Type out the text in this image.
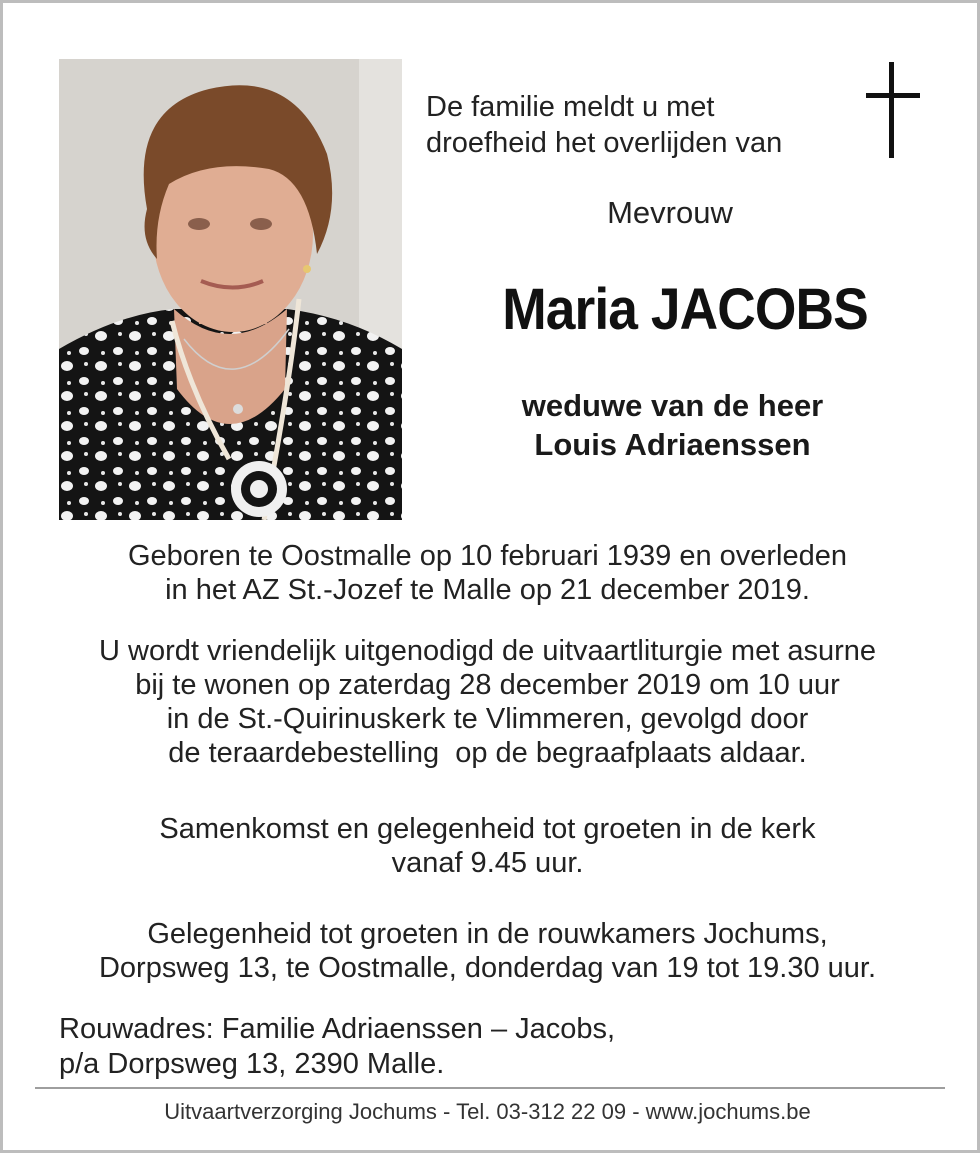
De familie meldt u met
droefheid het overlijden van
Mevrouw
Maria JACOBS
weduwe van de heer
Louis Adriaenssen
Geboren te Oostmalle op 10 februari 1939 en overleden
in het AZ St.-Jozef te Malle op 21 december 2019.
U wordt vriendelijk uitgenodigd de uitvaartliturgie met asurne
bij te wonen op zaterdag 28 december 2019 om 10 uur
in de St.-Quirinuskerk te Vlimmeren, gevolgd door
de teraardebestelling  op de begraafplaats aldaar.
Samenkomst en gelegenheid tot groeten in de kerk
vanaf 9.45 uur.
Gelegenheid tot groeten in de rouwkamers Jochums,
Dorpsweg 13, te Oostmalle, donderdag van 19 tot 19.30 uur.
Rouwadres: Familie Adriaenssen – Jacobs,
p/a Dorpsweg 13, 2390 Malle.
Uitvaartverzorging Jochums - Tel. 03-312 22 09 - www.jochums.be
